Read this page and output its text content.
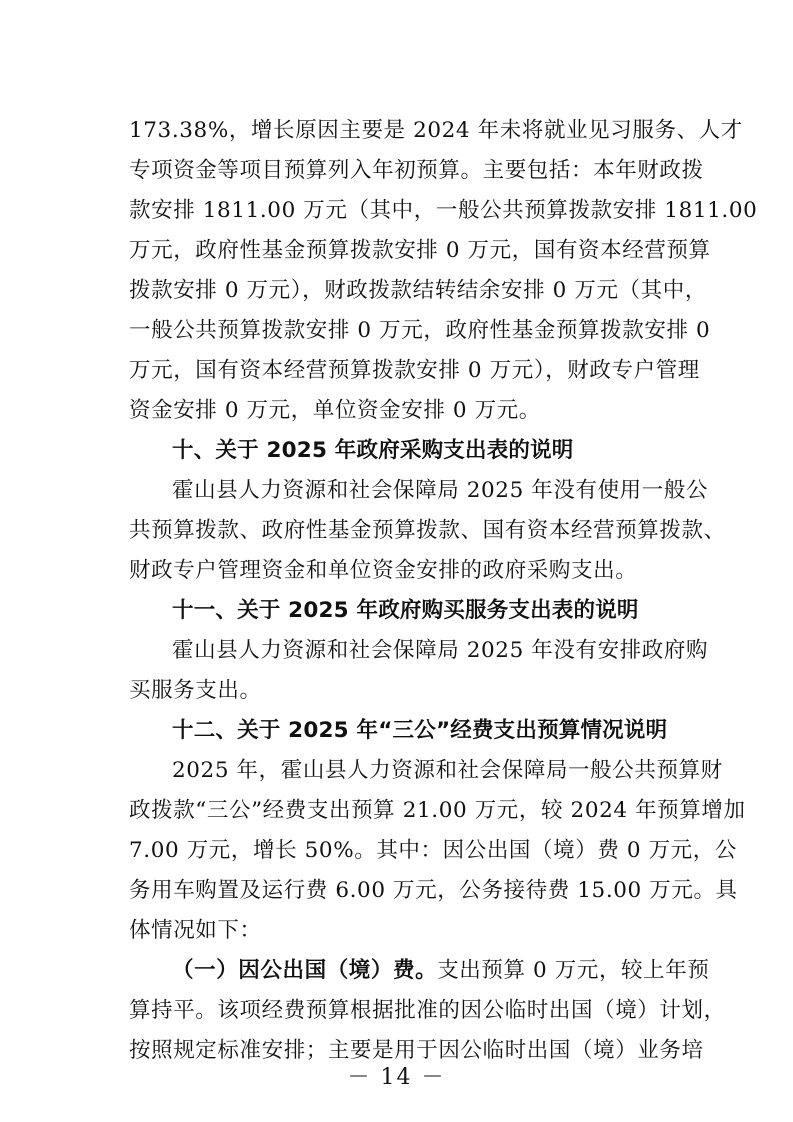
173.38%，增长原因主要是 2024 年未将就业见习服务、人才
专项资金等项目预算列入年初预算。主要包括：本年财政拨
款安排 1811.00 万元（其中，一般公共预算拨款安排 1811.00
万元，政府性基金预算拨款安排 0 万元，国有资本经营预算
拨款安排 0 万元），财政拨款结转结余安排 0 万元（其中，
一般公共预算拨款安排 0 万元，政府性基金预算拨款安排 0
万元，国有资本经营预算拨款安排 0 万元），财政专户管理
资金安排 0 万元，单位资金安排 0 万元。
十、关于 2025 年政府采购支出表的说明
霍山县人力资源和社会保障局 2025 年没有使用一般公
共预算拨款、政府性基金预算拨款、国有资本经营预算拨款、
财政专户管理资金和单位资金安排的政府采购支出。
十一、关于 2025 年政府购买服务支出表的说明
霍山县人力资源和社会保障局 2025 年没有安排政府购
买服务支出。
十二、关于 2025 年“三公”经费支出预算情况说明
2025 年，霍山县人力资源和社会保障局一般公共预算财
政拨款“三公”经费支出预算 21.00 万元，较 2024 年预算增加
7.00 万元，增长 50%。其中：因公出国（境）费 0 万元，公
务用车购置及运行费 6.00 万元，公务接待费 15.00 万元。具
体情况如下：
（一）因公出国（境）费。 支出预算 0 万元，较上年预
算持平。该项经费预算根据批准的因公临时出国（境）计划，
按照规定标准安排；主要是用于因公临时出国（境）业务培
－ 14 －
